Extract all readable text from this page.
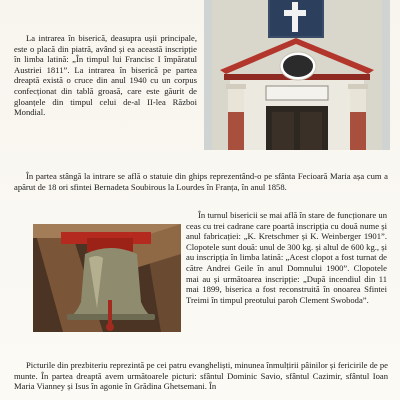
La intrarea în biserică, deasupra ușii principale, este o placă din piatră, având și ea această inscripție în limba latină: „În timpul lui Francisc I împăratul Austriei 1811”. La intrarea în biserică pe partea dreaptă există o cruce din anul 1940 cu un corpus confecționat din tablă groasă, care este găurit de gloanțele din timpul celui de-al II-lea Război Mondial.

În partea stângă la intrare se află o statuie din ghips reprezentând-o pe sfânta Fecioară Maria așa cum a apărut de 18 ori sfintei Bernadeta Soubirous la Lourdes în Franța, în anul 1858.

În turnul bisericii se mai află în stare de funcționare un ceas cu trei cadrane care poartă inscripția cu două nume și anul fabricației: „K. Kretschmer și K. Weinberger 1901”. Clopotele sunt două: unul de 300 kg. și altul de 600 kg., și au inscripția în limba latină: „Acest clopot a fost turnat de către Andrei Geile în anul Domnului 1900”. Clopotele mai au și următoarea inscripție: „După incendiul din 11 mai 1899, biserica a fost reconstruită în onoarea Sfintei Treimi în timpul preotului paroh Clement Swoboda”.

Picturile din prezbiteriu reprezintă pe cei patru evangheliști, minunea înmulțirii pâinilor și fericirile de pe munte. În partea dreaptă avem următoarele picturi: sfântul Dominic Savio, sfântul Cazimir, sfântul Ioan Maria Vianney și Isus în agonie în Grădina Ghetsemani. În
